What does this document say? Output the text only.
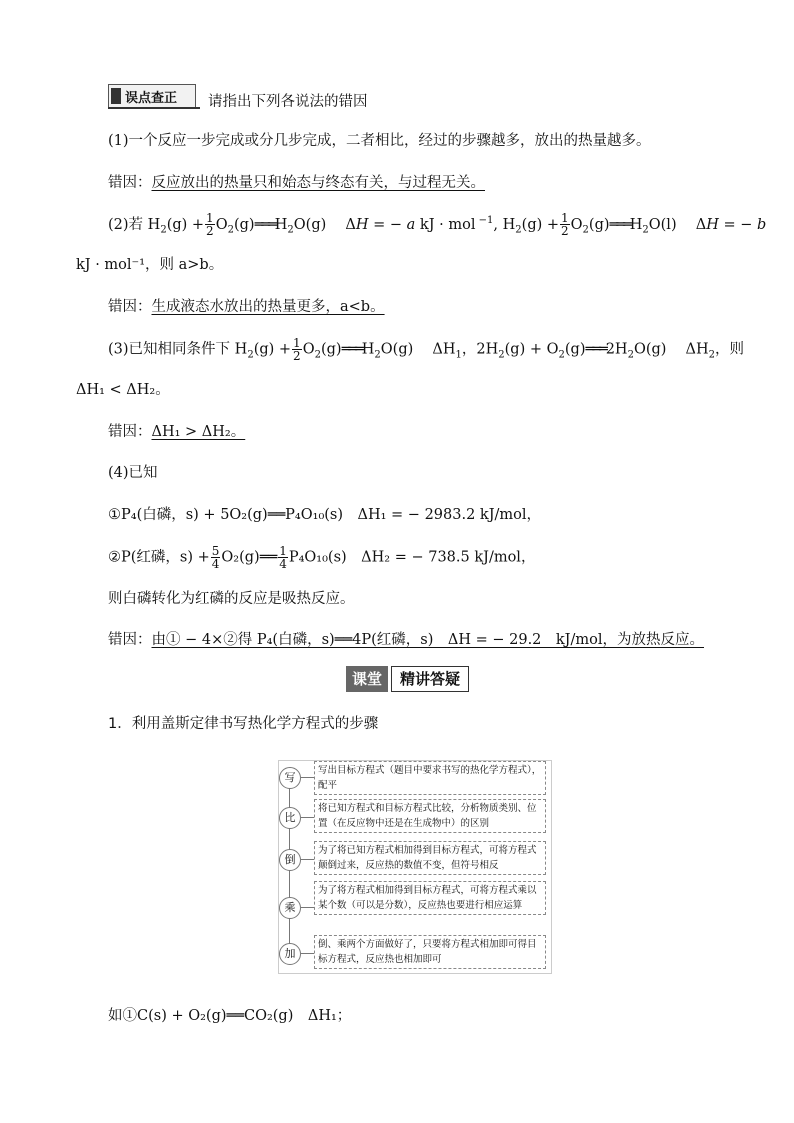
误点查正 请指出下列各说法的错因
(1)一个反应一步完成或分几步完成，二者相比，经过的步骤越多，放出的热量越多。
错因：反应放出的热量只和始态与终态有关，与过程无关。
(2)若 $H_2(g) + \frac{1}{2}$ $O_2(g)═══H_2O(g)$　 ΔH = − a kJ · mol $^{-1}$, $H_2(g) + \frac{1}{2}$ $O_2(g)═══H_2O(l)$　 ΔH = − b
kJ · mol⁻¹，则 a>b。
错因：生成液态水放出的热量更多，a<b。
(3)已知相同条件下 $H_2(g) + \frac{1}{2}$ $O_2(g)═══H_2O(g)$　 $\Delta H_1$，$2H_2(g)$ + $O_2(g)═══2H_2O(g)$　 $\Delta H_2$，则
ΔH₁ < ΔH₂。
错因：ΔH₁ > ΔH₂。
(4)已知
①P₄(白磷，s) + 5O₂(g)══P₄O₁₀(s)　ΔH₁ = − 2983.2 kJ/mol，
②P(红磷，$s) + \frac{5}{4}$ O₂(g)══ $\frac{1}{4} P_4O_{10}(s)$　ΔH₂ = − 738.5 kJ/mol，
则白磷转化为红磷的反应是吸热反应。
错因：由① − 4×②得 P₄(白磷，s)══4P(红磷，s)　ΔH = − 29.2　kJ/mol，为放热反应。
课堂	精讲答疑
1．利用盖斯定律书写热化学方程式的步骤
写
写出目标方程式（题目中要求书写的热化学方程式），配平
比
将已知方程式和目标方程式比较，分析物质类别、位置（在反应物中还是在生成物中）的区别
倒
为了将已知方程式相加得到目标方程式，可将方程式颠倒过来，反应热的数值不变，但符号相反
乘
为了将方程式相加得到目标方程式，可将方程式乘以某个数（可以是分数），反应热也要进行相应运算
加
倒、乘两个方面做好了，只要将方程式相加即可得目标方程式，反应热也相加即可
如①C(s) + O₂(g)══CO₂(g)　ΔH₁；
